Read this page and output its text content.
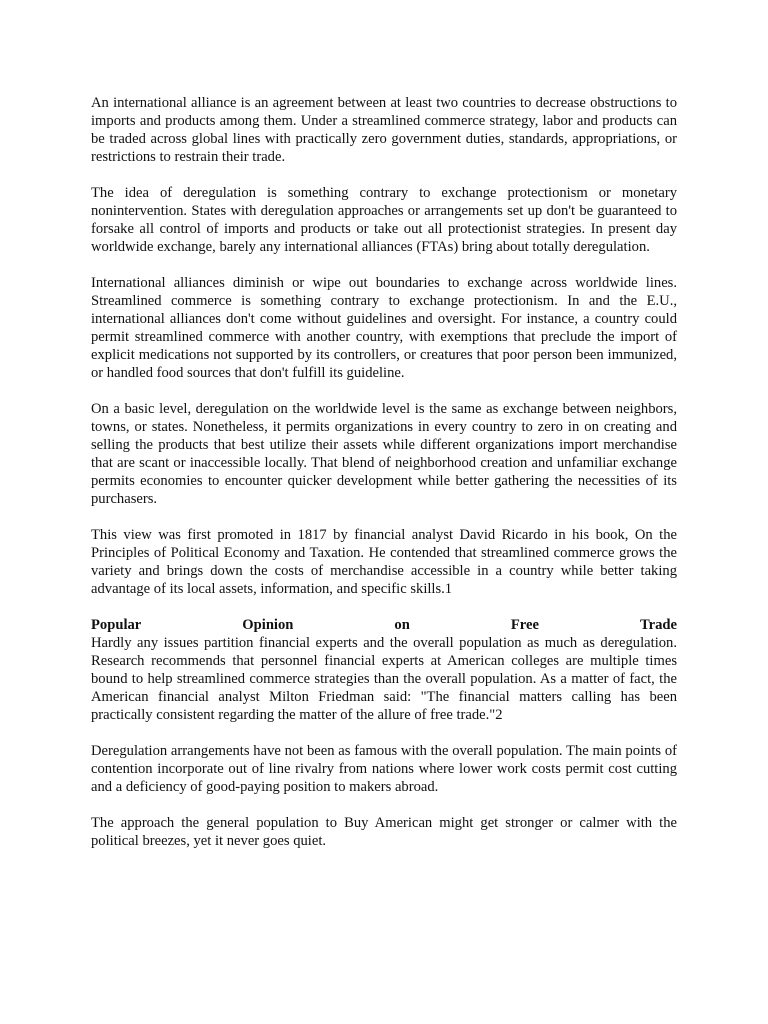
An international alliance is an agreement between at least two countries to decrease obstructions to imports and products among them. Under a streamlined commerce strategy, labor and products can be traded across global lines with practically zero government duties, standards, appropriations, or restrictions to restrain their trade.

The idea of deregulation is something contrary to exchange protectionism or monetary nonintervention. States with deregulation approaches or arrangements set up don't be guaranteed to forsake all control of imports and products or take out all protectionist strategies. In present day worldwide exchange, barely any international alliances (FTAs) bring about totally deregulation.

International alliances diminish or wipe out boundaries to exchange across worldwide lines. Streamlined commerce is something contrary to exchange protectionism. In and the E.U., international alliances don't come without guidelines and oversight. For instance, a country could permit streamlined commerce with another country, with exemptions that preclude the import of explicit medications not supported by its controllers, or creatures that poor person been immunized, or handled food sources that don't fulfill its guideline.

On a basic level, deregulation on the worldwide level is the same as exchange between neighbors, towns, or states. Nonetheless, it permits organizations in every country to zero in on creating and selling the products that best utilize their assets while different organizations import merchandise that are scant or inaccessible locally. That blend of neighborhood creation and unfamiliar exchange permits economies to encounter quicker development while better gathering the necessities of its purchasers.

This view was first promoted in 1817 by financial analyst David Ricardo in his book, On the Principles of Political Economy and Taxation. He contended that streamlined commerce grows the variety and brings down the costs of merchandise accessible in a country while better taking advantage of its local assets, information, and specific skills.1

Popular	Opinion	on	Free	Trade

Hardly any issues partition financial experts and the overall population as much as deregulation. Research recommends that personnel financial experts at American colleges are multiple times bound to help streamlined commerce strategies than the overall population. As a matter of fact, the American financial analyst Milton Friedman said: "The financial matters calling has been practically consistent regarding the matter of the allure of free trade."2

Deregulation arrangements have not been as famous with the overall population. The main points of contention incorporate out of line rivalry from nations where lower work costs permit cost cutting and a deficiency of good-paying position to makers abroad.

The approach the general population to Buy American might get stronger or calmer with the political breezes, yet it never goes quiet.
